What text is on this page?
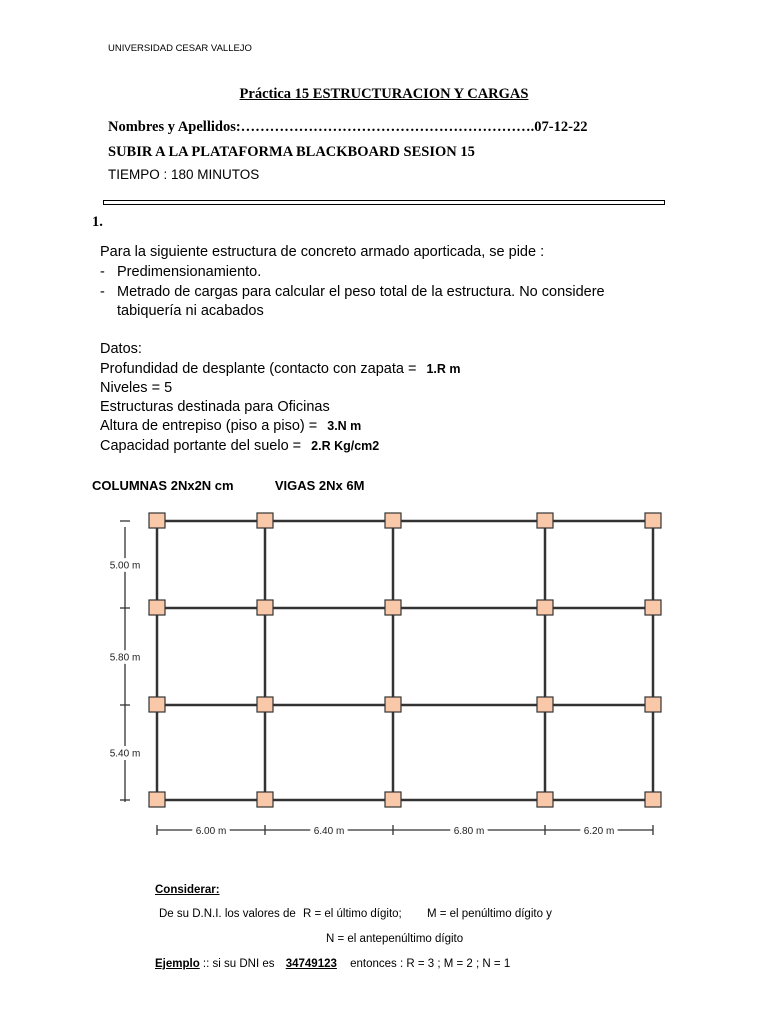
UNIVERSIDAD CESAR VALLEJO
Práctica 15 ESTRUCTURACION Y CARGAS
Nombres y Apellidos:…………………………………………………….07-12-22
SUBIR A LA PLATAFORMA BLACKBOARD SESION 15
TIEMPO : 180 MINUTOS
1.
Para la siguiente estructura de concreto armado aporticada, se pide :
- Predimensionamiento.
- Metrado de cargas para calcular el peso total de la estructura. No considere
tabiquería ni acabados
Datos:
Profundidad de desplante (contacto con zapata = 1.R m
Niveles = 5
Estructuras destinada para Oficinas
Altura de entrepiso (piso a piso) = 3.N m
Capacidad portante del suelo = 2.R Kg/cm2
COLUMNAS 2Nx2N cm	VIGAS 2Nx 6M
5.00 m
5.80 m
5.40 m
6.00 m	6.40 m	6.80 m	6.20 m
Considerar:
De su D.N.I. los valores de R = el último dígito; M = el penúltimo dígito y
N = el antepenúltimo dígito
Ejemplo :: si su DNI es 34749123 entonces : R = 3 ; M = 2 ; N = 1
